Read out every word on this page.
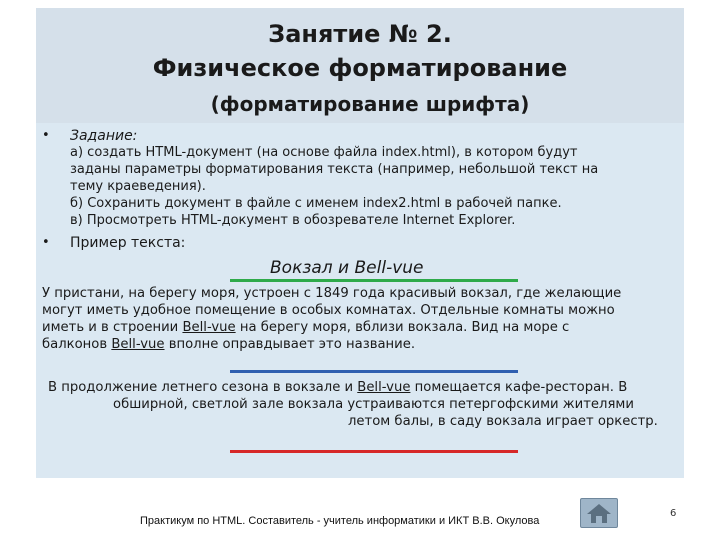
Занятие № 2.
Физическое форматирование
(форматирование шрифта)
• Задание:
а) создать HTML-документ (на основе файла index.html), в котором будут
заданы параметры форматирования текста (например, небольшой текст на
тему краеведения).
б) Сохранить документ в файле с именем index2.html в рабочей папке.
в) Просмотреть HTML-документ в обозревателе Internet Explorer.
• Пример текста:
Вокзал и Bell-vue
У пристани, на берегу моря, устроен с 1849 года красивый вокзал, где желающие
могут иметь удобное помещение в особых комнатах. Отдельные комнаты можно
иметь и в строении Bell-vue на берегу моря, вблизи вокзала. Вид на море с
балконов Bell-vue вполне оправдывает это название.
В продолжение летнего сезона в вокзале и Bell-vue помещается кафе-ресторан. В
обширной, светлой зале вокзала устраиваются петергофскими жителями
летом балы, в саду вокзала играет оркестр.
Практикум по HTML. Составитель - учитель информатики и ИКТ В.В. Окулова
6
